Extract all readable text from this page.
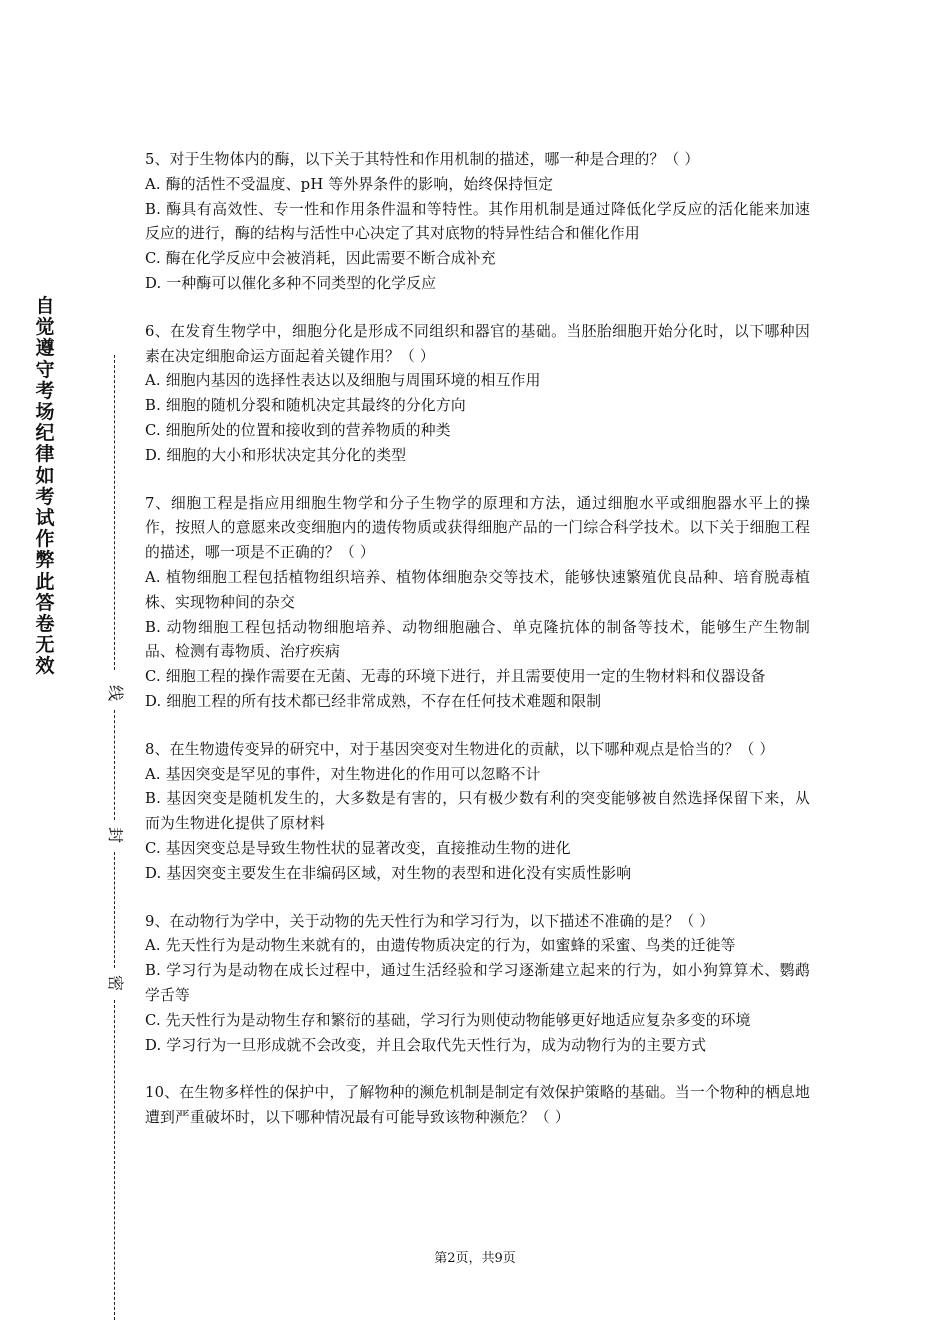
自
觉
遵
守
考
场
纪
律
如
考
试
作
弊
此
答
卷
无
效
线
封
密

5、对于生物体内的酶，以下关于其特性和作用机制的描述，哪一种是合理的？（ ）

A. 酶的活性不受温度、pH 等外界条件的影响，始终保持恒定

B. 酶具有高效性、专一性和作用条件温和等特性。其作用机制是通过降低化学反应的活化能来加速反应的进行，酶的结构与活性中心决定了其对底物的特异性结合和催化作用

C. 酶在化学反应中会被消耗，因此需要不断合成补充

D. 一种酶可以催化多种不同类型的化学反应

6、在发育生物学中，细胞分化是形成不同组织和器官的基础。当胚胎细胞开始分化时，以下哪种因素在决定细胞命运方面起着关键作用？（ ）

A. 细胞内基因的选择性表达以及细胞与周围环境的相互作用

B. 细胞的随机分裂和随机决定其最终的分化方向

C. 细胞所处的位置和接收到的营养物质的种类

D. 细胞的大小和形状决定其分化的类型

7、细胞工程是指应用细胞生物学和分子生物学的原理和方法，通过细胞水平或细胞器水平上的操作，按照人的意愿来改变细胞内的遗传物质或获得细胞产品的一门综合科学技术。以下关于细胞工程的描述，哪一项是不正确的？（ ）

A. 植物细胞工程包括植物组织培养、植物体细胞杂交等技术，能够快速繁殖优良品种、培育脱毒植株、实现物种间的杂交

B. 动物细胞工程包括动物细胞培养、动物细胞融合、单克隆抗体的制备等技术，能够生产生物制品、检测有毒物质、治疗疾病

C. 细胞工程的操作需要在无菌、无毒的环境下进行，并且需要使用一定的生物材料和仪器设备

D. 细胞工程的所有技术都已经非常成熟，不存在任何技术难题和限制

8、在生物遗传变异的研究中，对于基因突变对生物进化的贡献，以下哪种观点是恰当的？（ ）

A. 基因突变是罕见的事件，对生物进化的作用可以忽略不计

B. 基因突变是随机发生的，大多数是有害的，只有极少数有利的突变能够被自然选择保留下来，从而为生物进化提供了原材料

C. 基因突变总是导致生物性状的显著改变，直接推动生物的进化

D. 基因突变主要发生在非编码区域，对生物的表型和进化没有实质性影响

9、在动物行为学中，关于动物的先天性行为和学习行为，以下描述不准确的是？（ ）

A. 先天性行为是动物生来就有的，由遗传物质决定的行为，如蜜蜂的采蜜、鸟类的迁徙等

B. 学习行为是动物在成长过程中，通过生活经验和学习逐渐建立起来的行为，如小狗算算术、鹦鹉学舌等

C. 先天性行为是动物生存和繁衍的基础，学习行为则使动物能够更好地适应复杂多变的环境

D. 学习行为一旦形成就不会改变，并且会取代先天性行为，成为动物行为的主要方式

10、在生物多样性的保护中，了解物种的濒危机制是制定有效保护策略的基础。当一个物种的栖息地遭到严重破坏时，以下哪种情况最有可能导致该物种濒危？（ ）

第2页，共9页
